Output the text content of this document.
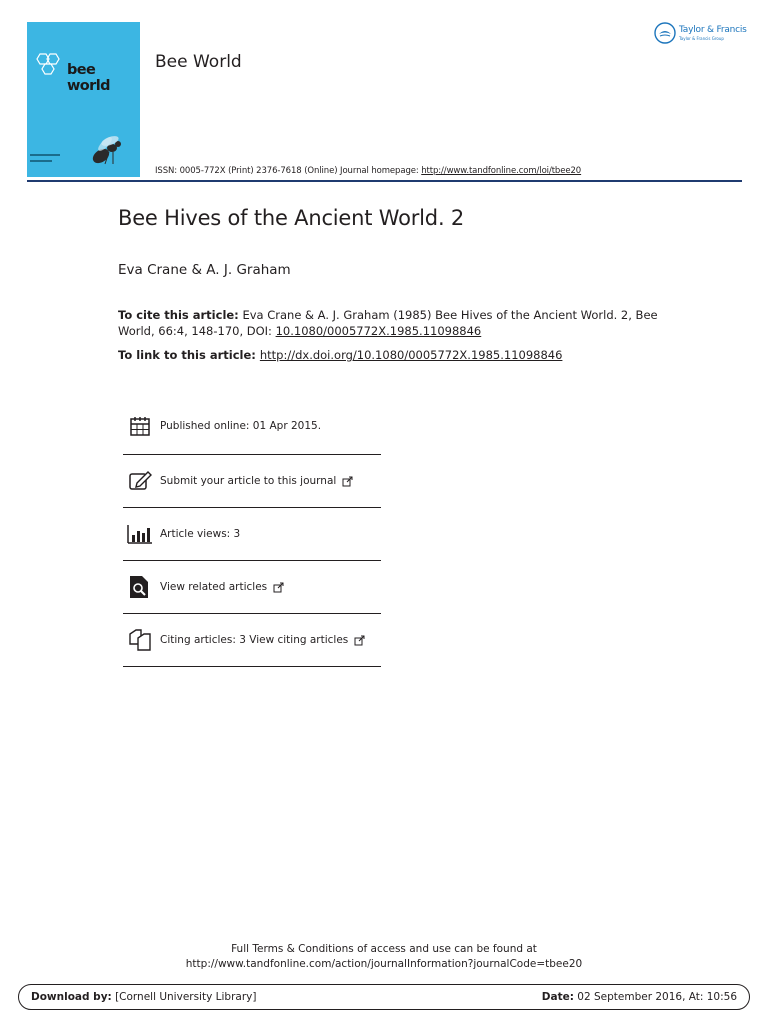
bee world
Bee World
Taylor & Francis
Taylor & Francis Group
ISSN: 0005-772X (Print) 2376-7618 (Online) Journal homepage: http://www.tandfonline.com/loi/tbee20
Bee Hives of the Ancient World. 2
Eva Crane & A. J. Graham
To cite this article: Eva Crane & A. J. Graham (1985) Bee Hives of the Ancient World. 2, Bee World, 66:4, 148-170, DOI: 10.1080/0005772X.1985.11098846
To link to this article: http://dx.doi.org/10.1080/0005772X.1985.11098846
Published online: 01 Apr 2015.
Submit your article to this journal
Article views: 3
View related articles
Citing articles: 3 View citing articles
Full Terms & Conditions of access and use can be found at
http://www.tandfonline.com/action/journalInformation?journalCode=tbee20
Download by: [Cornell University Library]	Date: 02 September 2016, At: 10:56
